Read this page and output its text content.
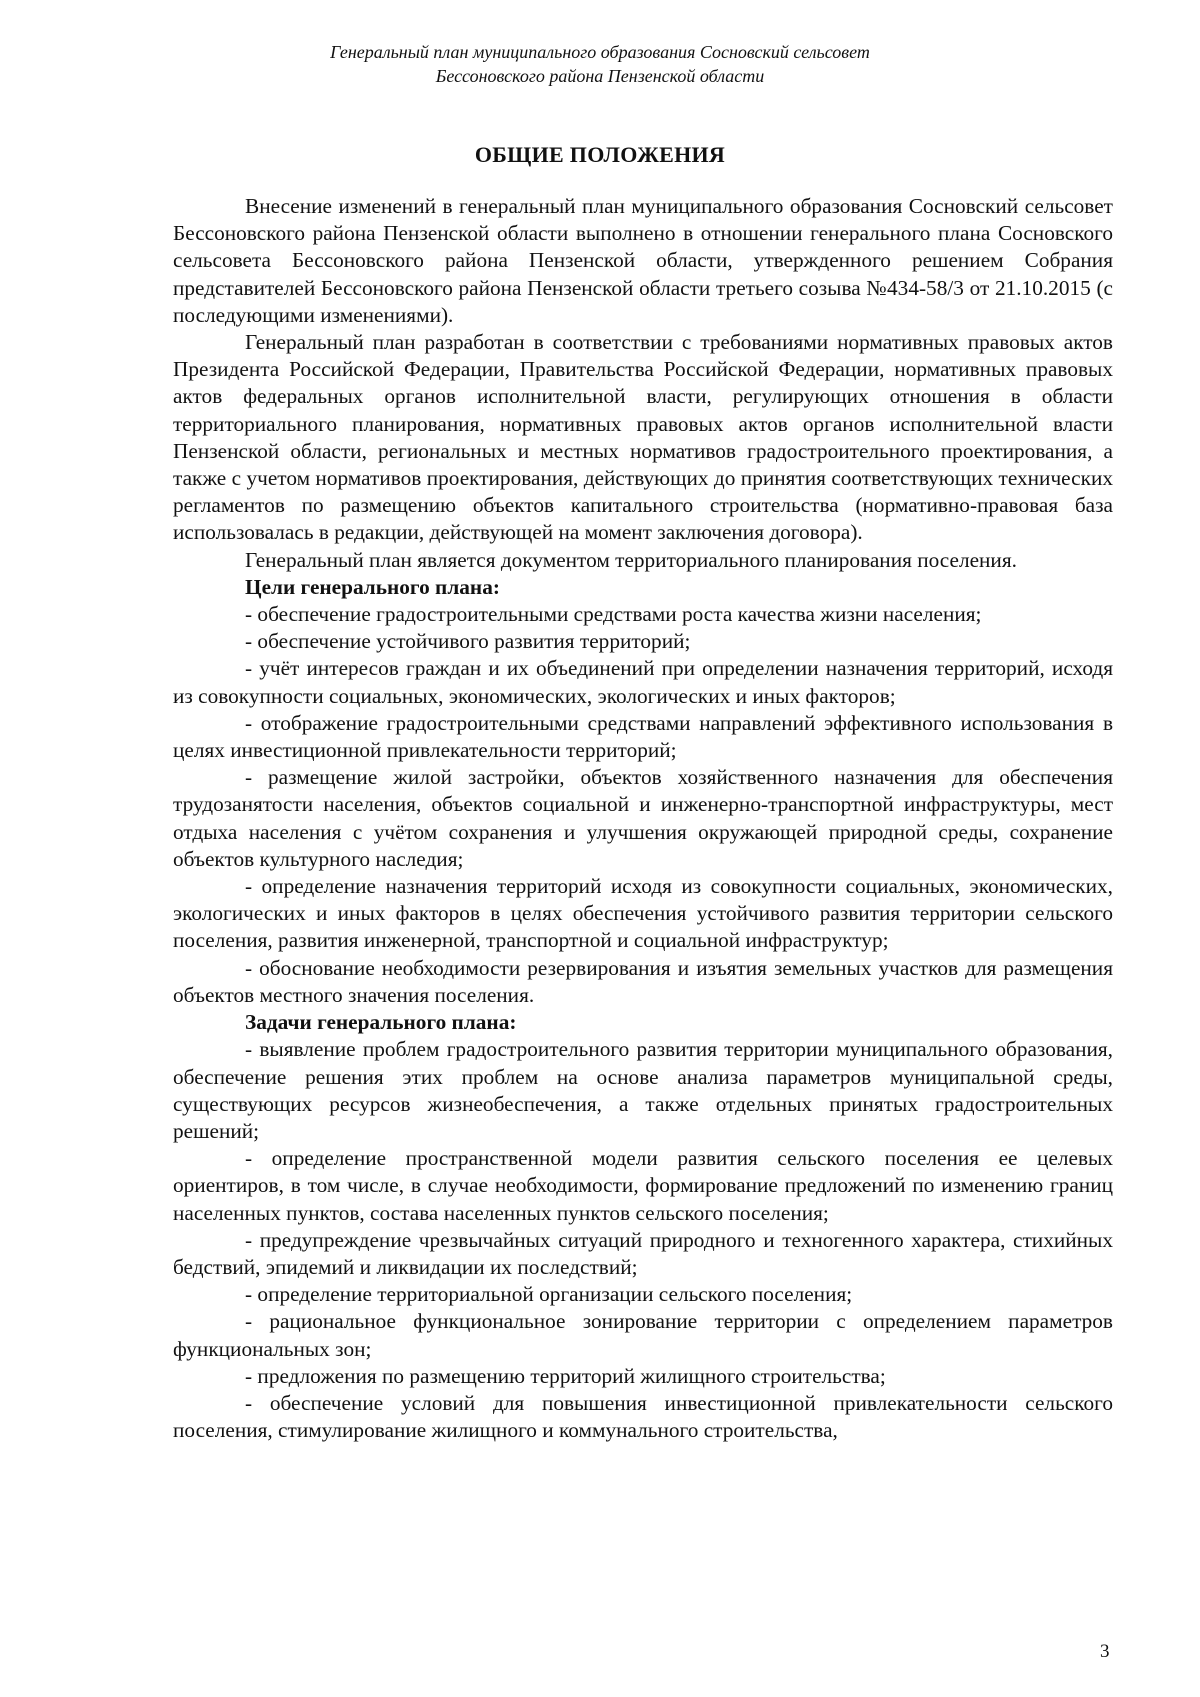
Генеральный план муниципального образования Сосновский сельсовет
Бессоновского района Пензенской области
ОБЩИЕ ПОЛОЖЕНИЯ

Внесение изменений в генеральный план муниципального образования Сосновский сельсовет Бессоновского района Пензенской области выполнено в отношении генерального плана Сосновского сельсовета Бессоновского района Пензенской области, утвержденного решением Собрания представителей Бессоновского района Пензенской области третьего созыва №434-58/3 от 21.10.2015 (с последующими изменениями).

Генеральный план разработан в соответствии с требованиями нормативных правовых актов Президента Российской Федерации, Правительства Российской Федерации, нормативных правовых актов федеральных органов исполнительной власти, регулирующих отношения в области территориального планирования, нормативных правовых актов органов исполнительной власти Пензенской области, региональных и местных нормативов градостроительного проектирования, а также с учетом нормативов проектирования, действующих до принятия соответствующих технических регламентов по размещению объектов капитального строительства (нормативно-правовая база использовалась в редакции, действующей на момент заключения договора).

Генеральный план является документом территориального планирования поселения.

Цели генерального плана:

- обеспечение градостроительными средствами роста качества жизни населения;

- обеспечение устойчивого развития территорий;

- учёт интересов граждан и их объединений при определении назначения территорий, исходя из совокупности социальных, экономических, экологических и иных факторов;

- отображение градостроительными средствами направлений эффективного использования в целях инвестиционной привлекательности территорий;

- размещение жилой застройки, объектов хозяйственного назначения для обеспечения трудозанятости населения, объектов социальной и инженерно-транспортной инфраструктуры, мест отдыха населения с учётом сохранения и улучшения окружающей природной среды, сохранение объектов культурного наследия;

- определение назначения территорий исходя из совокупности социальных, экономических, экологических и иных факторов в целях обеспечения устойчивого развития территории сельского поселения, развития инженерной, транспортной и социальной инфраструктур;

- обоснование необходимости резервирования и изъятия земельных участков для размещения объектов местного значения поселения.

Задачи генерального плана:

- выявление проблем градостроительного развития территории муниципального образования, обеспечение решения этих проблем на основе анализа параметров муниципальной среды, существующих ресурсов жизнеобеспечения, а также отдельных принятых градостроительных решений;

- определение пространственной модели развития сельского поселения ее целевых ориентиров, в том числе, в случае необходимости, формирование предложений по изменению границ населенных пунктов, состава населенных пунктов сельского поселения;

- предупреждение чрезвычайных ситуаций природного и техногенного характера, стихийных бедствий, эпидемий и ликвидации их последствий;

- определение территориальной организации сельского поселения;

- рациональное функциональное зонирование территории с определением параметров функциональных зон;

- предложения по размещению территорий жилищного строительства;

- обеспечение условий для повышения инвестиционной привлекательности сельского поселения, стимулирование жилищного и коммунального строительства,

3
